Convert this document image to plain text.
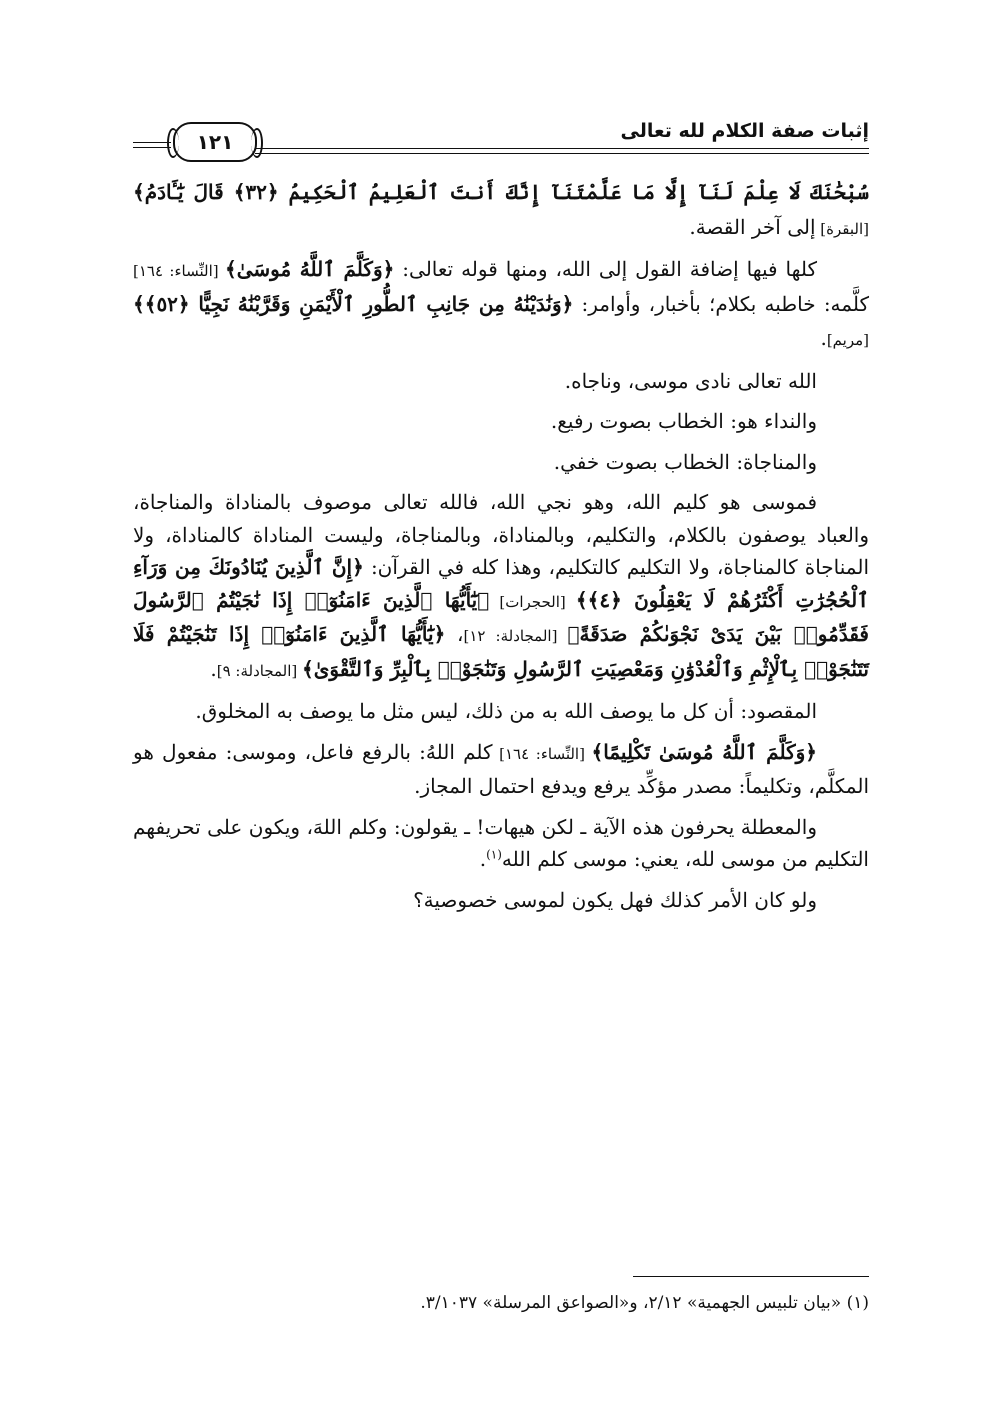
١٢١	إثبات صفة الكلام لله تعالى

سُبْحَٰنَكَ لَا عِلْمَ لَنَآ إِلَّا مَا عَلَّمْتَنَآ إِنَّكَ أَنتَ ٱلْعَلِيمُ ٱلْحَكِيمُ ﴿٣٢﴾ قَالَ يَٰٓـَٔادَمُ﴾ [البقرة] إلى آخر القصة.

كلها فيها إضافة القول إلى الله، ومنها قوله تعالى: ﴿وَكَلَّمَ ٱللَّهُ مُوسَىٰ﴾ [النِّساء: ١٦٤] كلَّمه: خاطبه بكلام؛ بأخبار، وأوامر: ﴿وَنَٰدَيْنَٰهُ مِن جَانِبِ ٱلطُّورِ ٱلْأَيْمَنِ وَقَرَّبْنَٰهُ نَجِيًّا ﴿٥٢﴾﴾ [مريم].

الله تعالى نادى موسى، وناجاه.

والنداء هو: الخطاب بصوت رفيع.

والمناجاة: الخطاب بصوت خفي.

فموسى هو كليم الله، وهو نجي الله، فالله تعالى موصوف بالمناداة والمناجاة، والعباد يوصفون بالكلام، والتكليم، وبالمناداة، وبالمناجاة، وليست المناداة كالمناداة، ولا المناجاة كالمناجاة، ولا التكليم كالتكليم، وهذا كله في القرآن: ﴿إِنَّ ٱلَّذِينَ يُنَادُونَكَ مِن وَرَآءِ ٱلْحُجُرَٰتِ أَكْثَرُهُمْ لَا يَعْقِلُونَ ﴿٤﴾﴾ [الحجرات] ﴿يَٰٓأَيُّهَا ٱلَّذِينَ ءَامَنُوٓا۟ إِذَا نَٰجَيْتُمُ ٱلرَّسُولَ فَقَدِّمُوا۟ بَيْنَ يَدَىْ نَجْوَىٰكُمْ صَدَقَةً﴾ [المجادلة: ١٢]، ﴿يَٰٓأَيُّهَا ٱلَّذِينَ ءَامَنُوٓا۟ إِذَا تَنَٰجَيْتُمْ فَلَا تَتَنَٰجَوْا۟ بِٱلْإِثْمِ وَٱلْعُدْوَٰنِ وَمَعْصِيَتِ ٱلرَّسُولِ وَتَنَٰجَوْا۟ بِٱلْبِرِّ وَٱلتَّقْوَىٰ﴾ [المجادلة: ٩].

المقصود: أن كل ما يوصف الله به من ذلك، ليس مثل ما يوصف به المخلوق.

﴿وَكَلَّمَ ٱللَّهُ مُوسَىٰ تَكْلِيمًا﴾ [النِّساء: ١٦٤] كلم اللهُ: بالرفع فاعل، وموسى: مفعول هو المكلَّم، وتكليماً: مصدر مؤكِّد يرفع ويدفع احتمال المجاز.

والمعطلة يحرفون هذه الآية ـ لكن هيهات! ـ يقولون: وكلم اللهَ، ويكون على تحريفهم التكليم من موسى لله، يعني: موسى كلم الله$^{(١)}$.

ولو كان الأمر كذلك فهل يكون لموسى خصوصية؟

(١) «بيان تلبيس الجهمية» ٢/١٢، و«الصواعق المرسلة» ٣/١٠٣٧.
